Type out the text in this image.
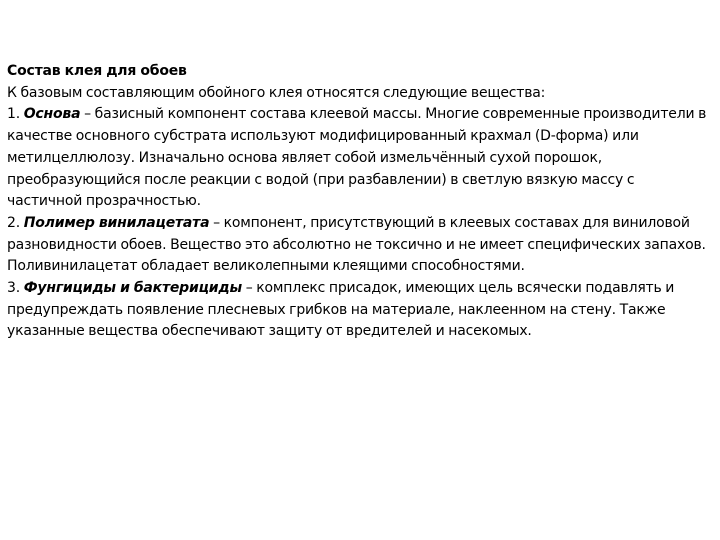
Состав клея для обоев

К базовым составляющим обойного клея относятся следующие вещества:

1. Основа – базисный компонент состава клеевой массы. Многие современные производители в качестве основного субстрата используют модифицированный крахмал (D-форма) или метилцеллюлозу. Изначально основа являет собой измельчённый сухой порошок, преобразующийся после реакции с водой (при разбавлении) в светлую вязкую массу с частичной прозрачностью.

2. Полимер винилацетата – компонент, присутствующий в клеевых составах для виниловой разновидности обоев. Вещество это абсолютно не токсично и не имеет специфических запахов. Поливинилацетат обладает великолепными клеящими способностями.

3. Фунгициды и бактерициды – комплекс присадок, имеющих цель всячески подавлять и предупреждать появление плесневых грибков на материале, наклеенном на стену. Также указанные вещества обеспечивают защиту от вредителей и насекомых.
